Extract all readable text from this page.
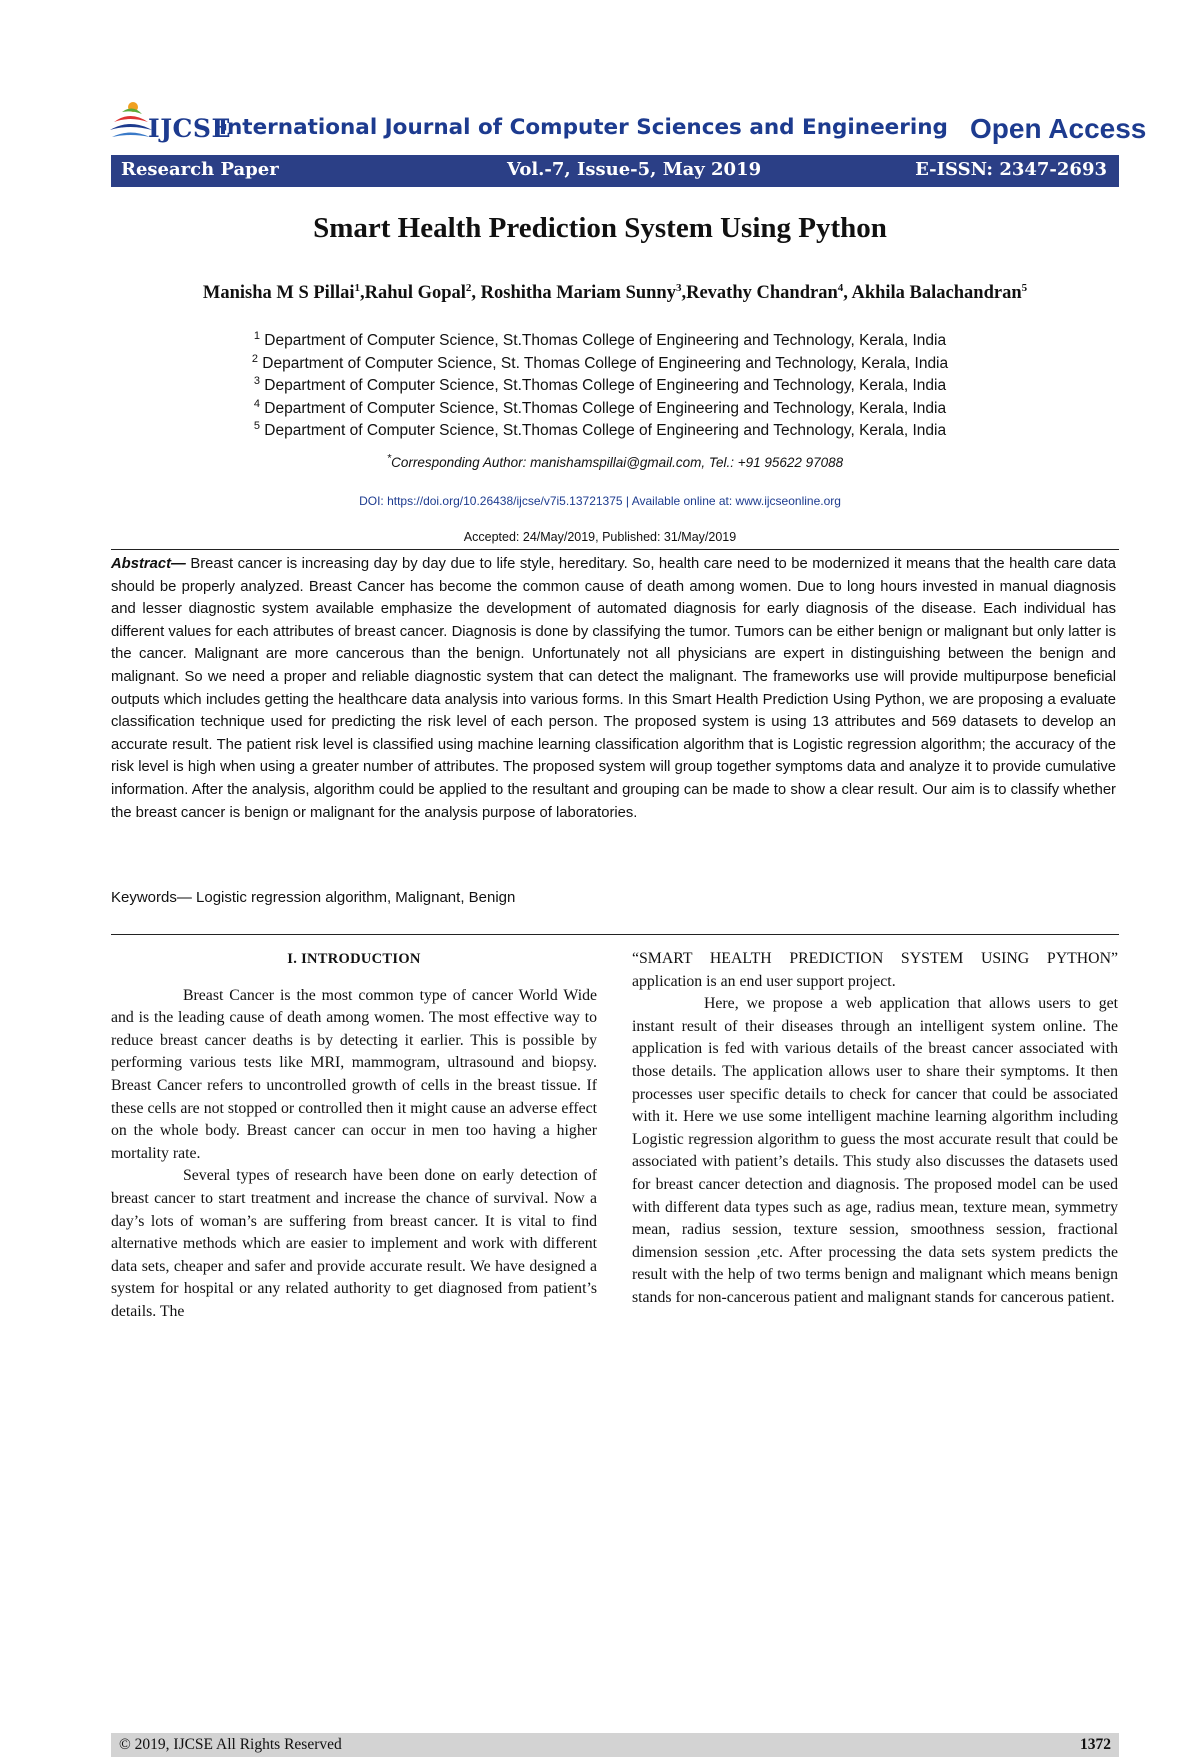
IJCSE
International Journal of Computer Sciences and Engineering Open Access
Research Paper	Vol.-7, Issue-5, May 2019	E-ISSN: 2347-2693
Smart Health Prediction System Using Python
Manisha M S Pillai$^1$,Rahul Gopal$^2$, Roshitha Mariam Sunny$^3$,Revathy Chandran$^4$, Akhila Balachandran$^5$
$^1$ Department of Computer Science, St.Thomas College of Engineering and Technology, Kerala, India
$^2$ Department of Computer Science, St. Thomas College of Engineering and Technology, Kerala, India
$^3$ Department of Computer Science, St.Thomas College of Engineering and Technology, Kerala, India
$^4$ Department of Computer Science, St.Thomas College of Engineering and Technology, Kerala, India
$^5$ Department of Computer Science, St.Thomas College of Engineering and Technology, Kerala, India
*Corresponding Author: manishamspillai@gmail.com, Tel.: +91 95622 97088
DOI: https://doi.org/10.26438/ijcse/v7i5.13721375 | Available online at: www.ijcseonline.org
Accepted: 24/May/2019, Published: 31/May/2019
Abstract— Breast cancer is increasing day by day due to life style, hereditary. So, health care need to be modernized it means that the health care data should be properly analyzed. Breast Cancer has become the common cause of death among women. Due to long hours invested in manual diagnosis and lesser diagnostic system available emphasize the development of automated diagnosis for early diagnosis of the disease. Each individual has different values for each attributes of breast cancer. Diagnosis is done by classifying the tumor. Tumors can be either benign or malignant but only latter is the cancer. Malignant are more cancerous than the benign. Unfortunately not all physicians are expert in distinguishing between the benign and malignant. So we need a proper and reliable diagnostic system that can detect the malignant. The frameworks use will provide multipurpose beneficial outputs which includes getting the healthcare data analysis into various forms. In this Smart Health Prediction Using Python, we are proposing a evaluate classification technique used for predicting the risk level of each person. The proposed system is using 13 attributes and 569 datasets to develop an accurate result. The patient risk level is classified using machine learning classification algorithm that is Logistic regression algorithm; the accuracy of the risk level is high when using a greater number of attributes. The proposed system will group together symptoms data and analyze it to provide cumulative information. After the analysis, algorithm could be applied to the resultant and grouping can be made to show a clear result. Our aim is to classify whether the breast cancer is benign or malignant for the analysis purpose of laboratories.
Keywords— Logistic regression algorithm, Malignant, Benign
I. INTRODUCTION

Breast Cancer is the most common type of cancer World Wide and is the leading cause of death among women. The most effective way to reduce breast cancer deaths is by detecting it earlier. This is possible by performing various tests like MRI, mammogram, ultrasound and biopsy. Breast Cancer refers to uncontrolled growth of cells in the breast tissue. If these cells are not stopped or controlled then it might cause an adverse effect on the whole body. Breast cancer can occur in men too having a higher mortality rate.

Several types of research have been done on early detection of breast cancer to start treatment and increase the chance of survival. Now a day’s lots of woman’s are suffering from breast cancer. It is vital to find alternative methods which are easier to implement and work with different data sets, cheaper and safer and provide accurate result. We have designed a system for hospital or any related authority to get diagnosed from patient’s details. The

“SMART HEALTH PREDICTION SYSTEM USING PYTHON” application is an end user support project.

Here, we propose a web application that allows users to get instant result of their diseases through an intelligent system online. The application is fed with various details of the breast cancer associated with those details. The application allows user to share their symptoms. It then processes user specific details to check for cancer that could be associated with it. Here we use some intelligent machine learning algorithm including Logistic regression algorithm to guess the most accurate result that could be associated with patient’s details. This study also discusses the datasets used for breast cancer detection and diagnosis. The proposed model can be used with different data types such as age, radius mean, texture mean, symmetry mean, radius session, texture session, smoothness session, fractional dimension session ,etc. After processing the data sets system predicts the result with the help of two terms benign and malignant which means benign stands for non-cancerous patient and malignant stands for cancerous patient.

© 2019, IJCSE All Rights Reserved	1372
